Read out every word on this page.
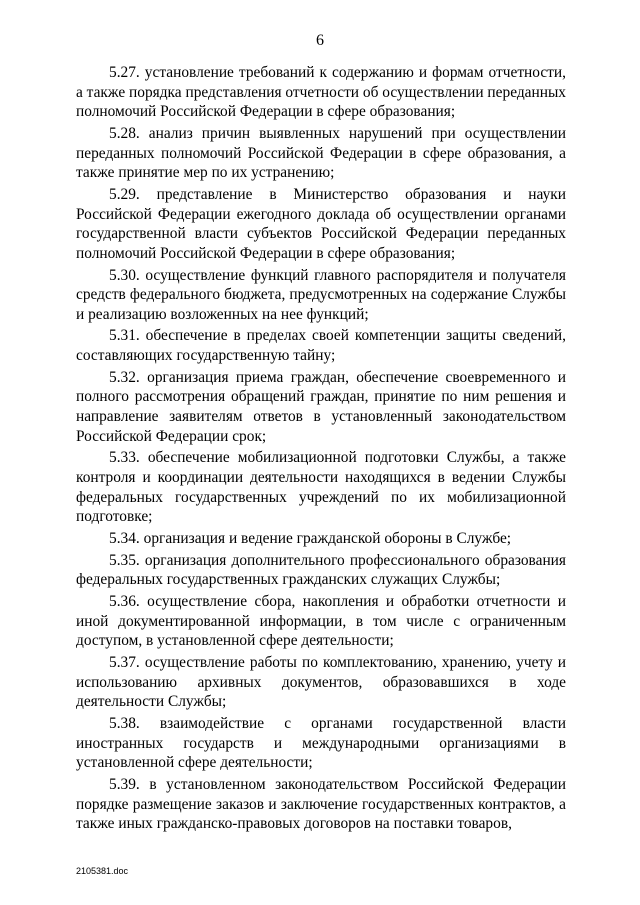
6

5.27. установление требований к содержанию и формам отчетности, а также порядка представления отчетности об осуществлении переданных полномочий Российской Федерации в сфере образования;

5.28. анализ причин выявленных нарушений при осуществлении переданных полномочий Российской Федерации в сфере образования, а также принятие мер по их устранению;

5.29. представление в Министерство образования и науки Российской Федерации ежегодного доклада об осуществлении органами государственной власти субъектов Российской Федерации переданных полномочий Российской Федерации в сфере образования;

5.30. осуществление функций главного распорядителя и получателя средств федерального бюджета, предусмотренных на содержание Службы и реализацию возложенных на нее функций;

5.31. обеспечение в пределах своей компетенции защиты сведений, составляющих государственную тайну;

5.32. организация приема граждан, обеспечение своевременного и полного рассмотрения обращений граждан, принятие по ним решения и направление заявителям ответов в установленный законодательством Российской Федерации срок;

5.33. обеспечение мобилизационной подготовки Службы, а также контроля и координации деятельности находящихся в ведении Службы федеральных государственных учреждений по их мобилизационной подготовке;

5.34. организация и ведение гражданской обороны в Службе;

5.35. организация дополнительного профессионального образования федеральных государственных гражданских служащих Службы;

5.36. осуществление сбора, накопления и обработки отчетности и иной документированной информации, в том числе с ограниченным доступом, в установленной сфере деятельности;

5.37. осуществление работы по комплектованию, хранению, учету и использованию архивных документов, образовавшихся в ходе деятельности Службы;

5.38. взаимодействие с органами государственной власти иностранных государств и международными организациями в установленной сфере деятельности;

5.39. в установленном законодательством Российской Федерации порядке размещение заказов и заключение государственных контрактов, а также иных гражданско-правовых договоров на поставки товаров,

2105381.doc
